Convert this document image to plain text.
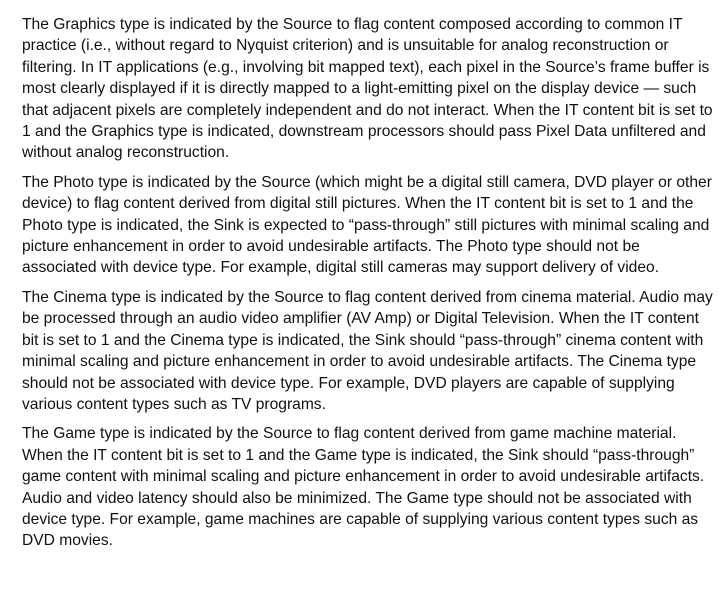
The Graphics type is indicated by the Source to flag content composed according to common IT practice (i.e., without regard to Nyquist criterion) and is unsuitable for analog reconstruction or filtering. In IT applications (e.g., involving bit mapped text), each pixel in the Source’s frame buffer is most clearly displayed if it is directly mapped to a light-emitting pixel on the display device — such that adjacent pixels are completely independent and do not interact. When the IT content bit is set to 1 and the Graphics type is indicated, downstream processors should pass Pixel Data unfiltered and without analog reconstruction.

The Photo type is indicated by the Source (which might be a digital still camera, DVD player or other device) to flag content derived from digital still pictures. When the IT content bit is set to 1 and the Photo type is indicated, the Sink is expected to “pass-through” still pictures with minimal scaling and picture enhancement in order to avoid undesirable artifacts. The Photo type should not be associated with device type. For example, digital still cameras may support delivery of video.

The Cinema type is indicated by the Source to flag content derived from cinema material. Audio may be processed through an audio video amplifier (AV Amp) or Digital Television. When the IT content bit is set to 1 and the Cinema type is indicated, the Sink should “pass-through” cinema content with minimal scaling and picture enhancement in order to avoid undesirable artifacts. The Cinema type should not be associated with device type. For example, DVD players are capable of supplying various content types such as TV programs.

The Game type is indicated by the Source to flag content derived from game machine material. When the IT content bit is set to 1 and the Game type is indicated, the Sink should “pass-through” game content with minimal scaling and picture enhancement in order to avoid undesirable artifacts. Audio and video latency should also be minimized. The Game type should not be associated with device type. For example, game machines are capable of supplying various content types such as DVD movies.
